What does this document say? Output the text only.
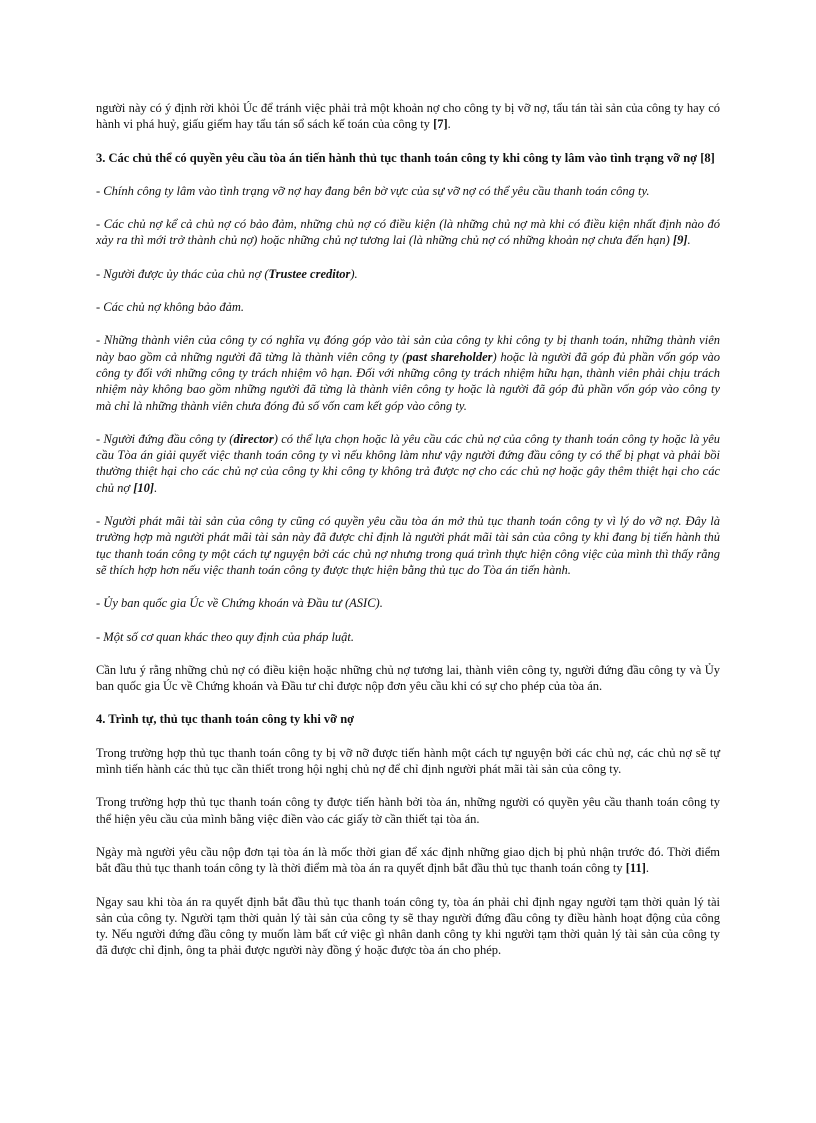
người này có ý định rời khỏi Úc để tránh việc phải trả một khoản nợ cho công ty bị vỡ nợ, tẩu tán tài sản của công ty hay có hành vi phá huỷ, giấu giếm hay tẩu tán sổ sách kế toán của công ty [7].

3. Các chủ thể có quyền yêu cầu tòa án tiến hành thủ tục thanh toán công ty khi công ty lâm vào tình trạng vỡ nợ [8]

- Chính công ty lâm vào tình trạng vỡ nợ hay đang bên bờ vực của sự vỡ nợ có thể yêu cầu thanh toán công ty.

- Các chủ nợ kể cả chủ nợ có bảo đảm, những chủ nợ có điều kiện (là những chủ nợ mà khi có điều kiện nhất định nào đó xảy ra thì mới trở thành chủ nợ) hoặc những chủ nợ tương lai (là những chủ nợ có những khoản nợ chưa đến hạn) [9].

- Người được ủy thác của chủ nợ (Trustee creditor).

- Các chủ nợ không bảo đảm.

- Những thành viên của công ty có nghĩa vụ đóng góp vào tài sản của công ty khi công ty bị thanh toán, những thành viên này bao gồm cả những người đã từng là thành viên công ty (past shareholder) hoặc là người đã góp đủ phần vốn góp vào công ty đối với những công ty trách nhiệm vô hạn. Đối với những công ty trách nhiệm hữu hạn, thành viên phải chịu trách nhiệm này không bao gồm những người đã từng là thành viên công ty hoặc là người đã góp đủ phần vốn góp vào công ty mà chỉ là những thành viên chưa đóng đủ số vốn cam kết góp vào công ty.

- Người đứng đầu công ty (director) có thể lựa chọn hoặc là yêu cầu các chủ nợ của công ty thanh toán công ty hoặc là yêu cầu Tòa án giải quyết việc thanh toán công ty vì nếu không làm như vậy người đứng đầu công ty có thể bị phạt và phải bồi thường thiệt hại cho các chủ nợ của công ty khi công ty không trả được nợ cho các chủ nợ hoặc gây thêm thiệt hại cho các chủ nợ [10].

- Người phát mãi tài sản của công ty cũng có quyền yêu cầu tòa án mở thủ tục thanh toán công ty vì lý do vỡ nợ. Đây là trường hợp mà người phát mãi tài sản này đã được chỉ định là người phát mãi tài sản của công ty khi đang bị tiến hành thủ tục thanh toán công ty một cách tự nguyện bởi các chủ nợ nhưng trong quá trình thực hiện công việc của mình thì thấy rằng sẽ thích hợp hơn nếu việc thanh toán công ty được thực hiện bằng thủ tục do Tòa án tiến hành.

- Ủy ban quốc gia Úc về Chứng khoán và Đầu tư (ASIC).

- Một số cơ quan khác theo quy định của pháp luật.

Cần lưu ý rằng những chủ nợ có điều kiện hoặc những chủ nợ tương lai, thành viên công ty, người đứng đầu công ty và Ủy ban quốc gia Úc về Chứng khoán và Đầu tư chỉ được nộp đơn yêu cầu khi có sự cho phép của tòa án.

4. Trình tự, thủ tục thanh toán công ty khi vỡ nợ

Trong trường hợp thủ tục thanh toán công ty bị vỡ nỡ được tiến hành một cách tự nguyện bởi các chủ nợ, các chủ nợ sẽ tự mình tiến hành các thủ tục cần thiết trong hội nghị chủ nợ để chỉ định người phát mãi tài sản của công ty.

Trong trường hợp thủ tục thanh toán công ty được tiến hành bởi tòa án, những người có quyền yêu cầu thanh toán công ty thể hiện yêu cầu của mình bằng việc điền vào các giấy tờ cần thiết tại tòa án.

Ngày mà người yêu cầu nộp đơn tại tòa án là mốc thời gian để xác định những giao dịch bị phủ nhận trước đó. Thời điểm bắt đầu thủ tục thanh toán công ty là thời điểm mà tòa án ra quyết định bắt đầu thủ tục thanh toán công ty [11].

Ngay sau khi tòa án ra quyết định bắt đầu thủ tục thanh toán công ty, tòa án phải chỉ định ngay người tạm thời quản lý tài sản của công ty. Người tạm thời quản lý tài sản của công ty sẽ thay người đứng đầu công ty điều hành hoạt động của công ty. Nếu người đứng đầu công ty muốn làm bất cứ việc gì nhân danh công ty khi người tạm thời quản lý tài sản của công ty đã được chỉ định, ông ta phải được người này đồng ý hoặc được tòa án cho phép.
